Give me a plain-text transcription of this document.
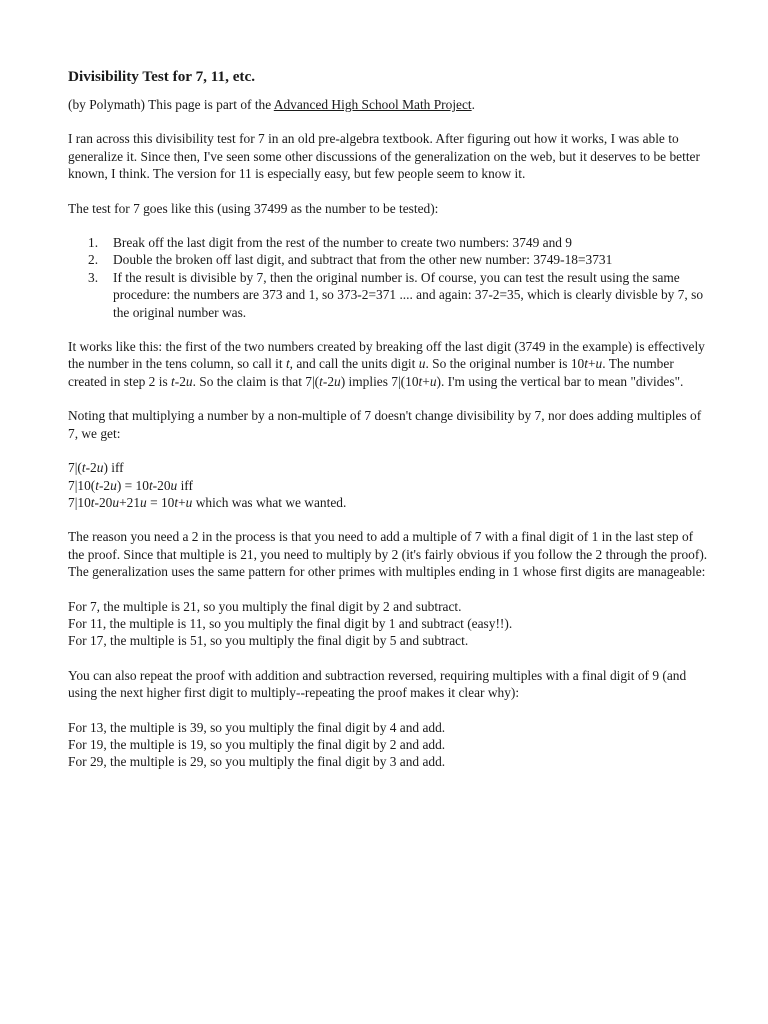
Divisibility Test for 7, 11, etc.

(by Polymath) This page is part of the Advanced High School Math Project.

I ran across this divisibility test for 7 in an old pre-algebra textbook. After figuring out how it works, I was able to generalize it. Since then, I've seen some other discussions of the generalization on the web, but it deserves to be better known, I think. The version for 11 is especially easy, but few people seem to know it.

The test for 7 goes like this (using 37499 as the number to be tested):

1. Break off the last digit from the rest of the number to create two numbers: 3749 and 9
2. Double the broken off last digit, and subtract that from the other new number: 3749-18=3731
3. If the result is divisible by 7, then the original number is. Of course, you can test the result using the same procedure: the numbers are 373 and 1, so 373-2=371 .... and again: 37-2=35, which is clearly divisble by 7, so the original number was.

It works like this: the first of the two numbers created by breaking off the last digit (3749 in the example) is effectively the number in the tens column, so call it t, and call the units digit u. So the original number is 10t+u. The number created in step 2 is t-2u. So the claim is that 7|(t-2u) implies 7|(10t+u). I'm using the vertical bar to mean "divides".

Noting that multiplying a number by a non-multiple of 7 doesn't change divisibility by 7, nor does adding multiples of 7, we get:

7|(t-2u) iff

7|10(t-2u) = 10t-20u iff

7|10t-20u+21u = 10t+u which was what we wanted.

The reason you need a 2 in the process is that you need to add a multiple of 7 with a final digit of 1 in the last step of the proof. Since that multiple is 21, you need to multiply by 2 (it's fairly obvious if you follow the 2 through the proof). The generalization uses the same pattern for other primes with multiples ending in 1 whose first digits are manageable:

For 7, the multiple is 21, so you multiply the final digit by 2 and subtract.

For 11, the multiple is 11, so you multiply the final digit by 1 and subtract (easy!!).

For 17, the multiple is 51, so you multiply the final digit by 5 and subtract.

You can also repeat the proof with addition and subtraction reversed, requiring multiples with a final digit of 9 (and using the next higher first digit to multiply--repeating the proof makes it clear why):

For 13, the multiple is 39, so you multiply the final digit by 4 and add.

For 19, the multiple is 19, so you multiply the final digit by 2 and add.

For 29, the multiple is 29, so you multiply the final digit by 3 and add.
